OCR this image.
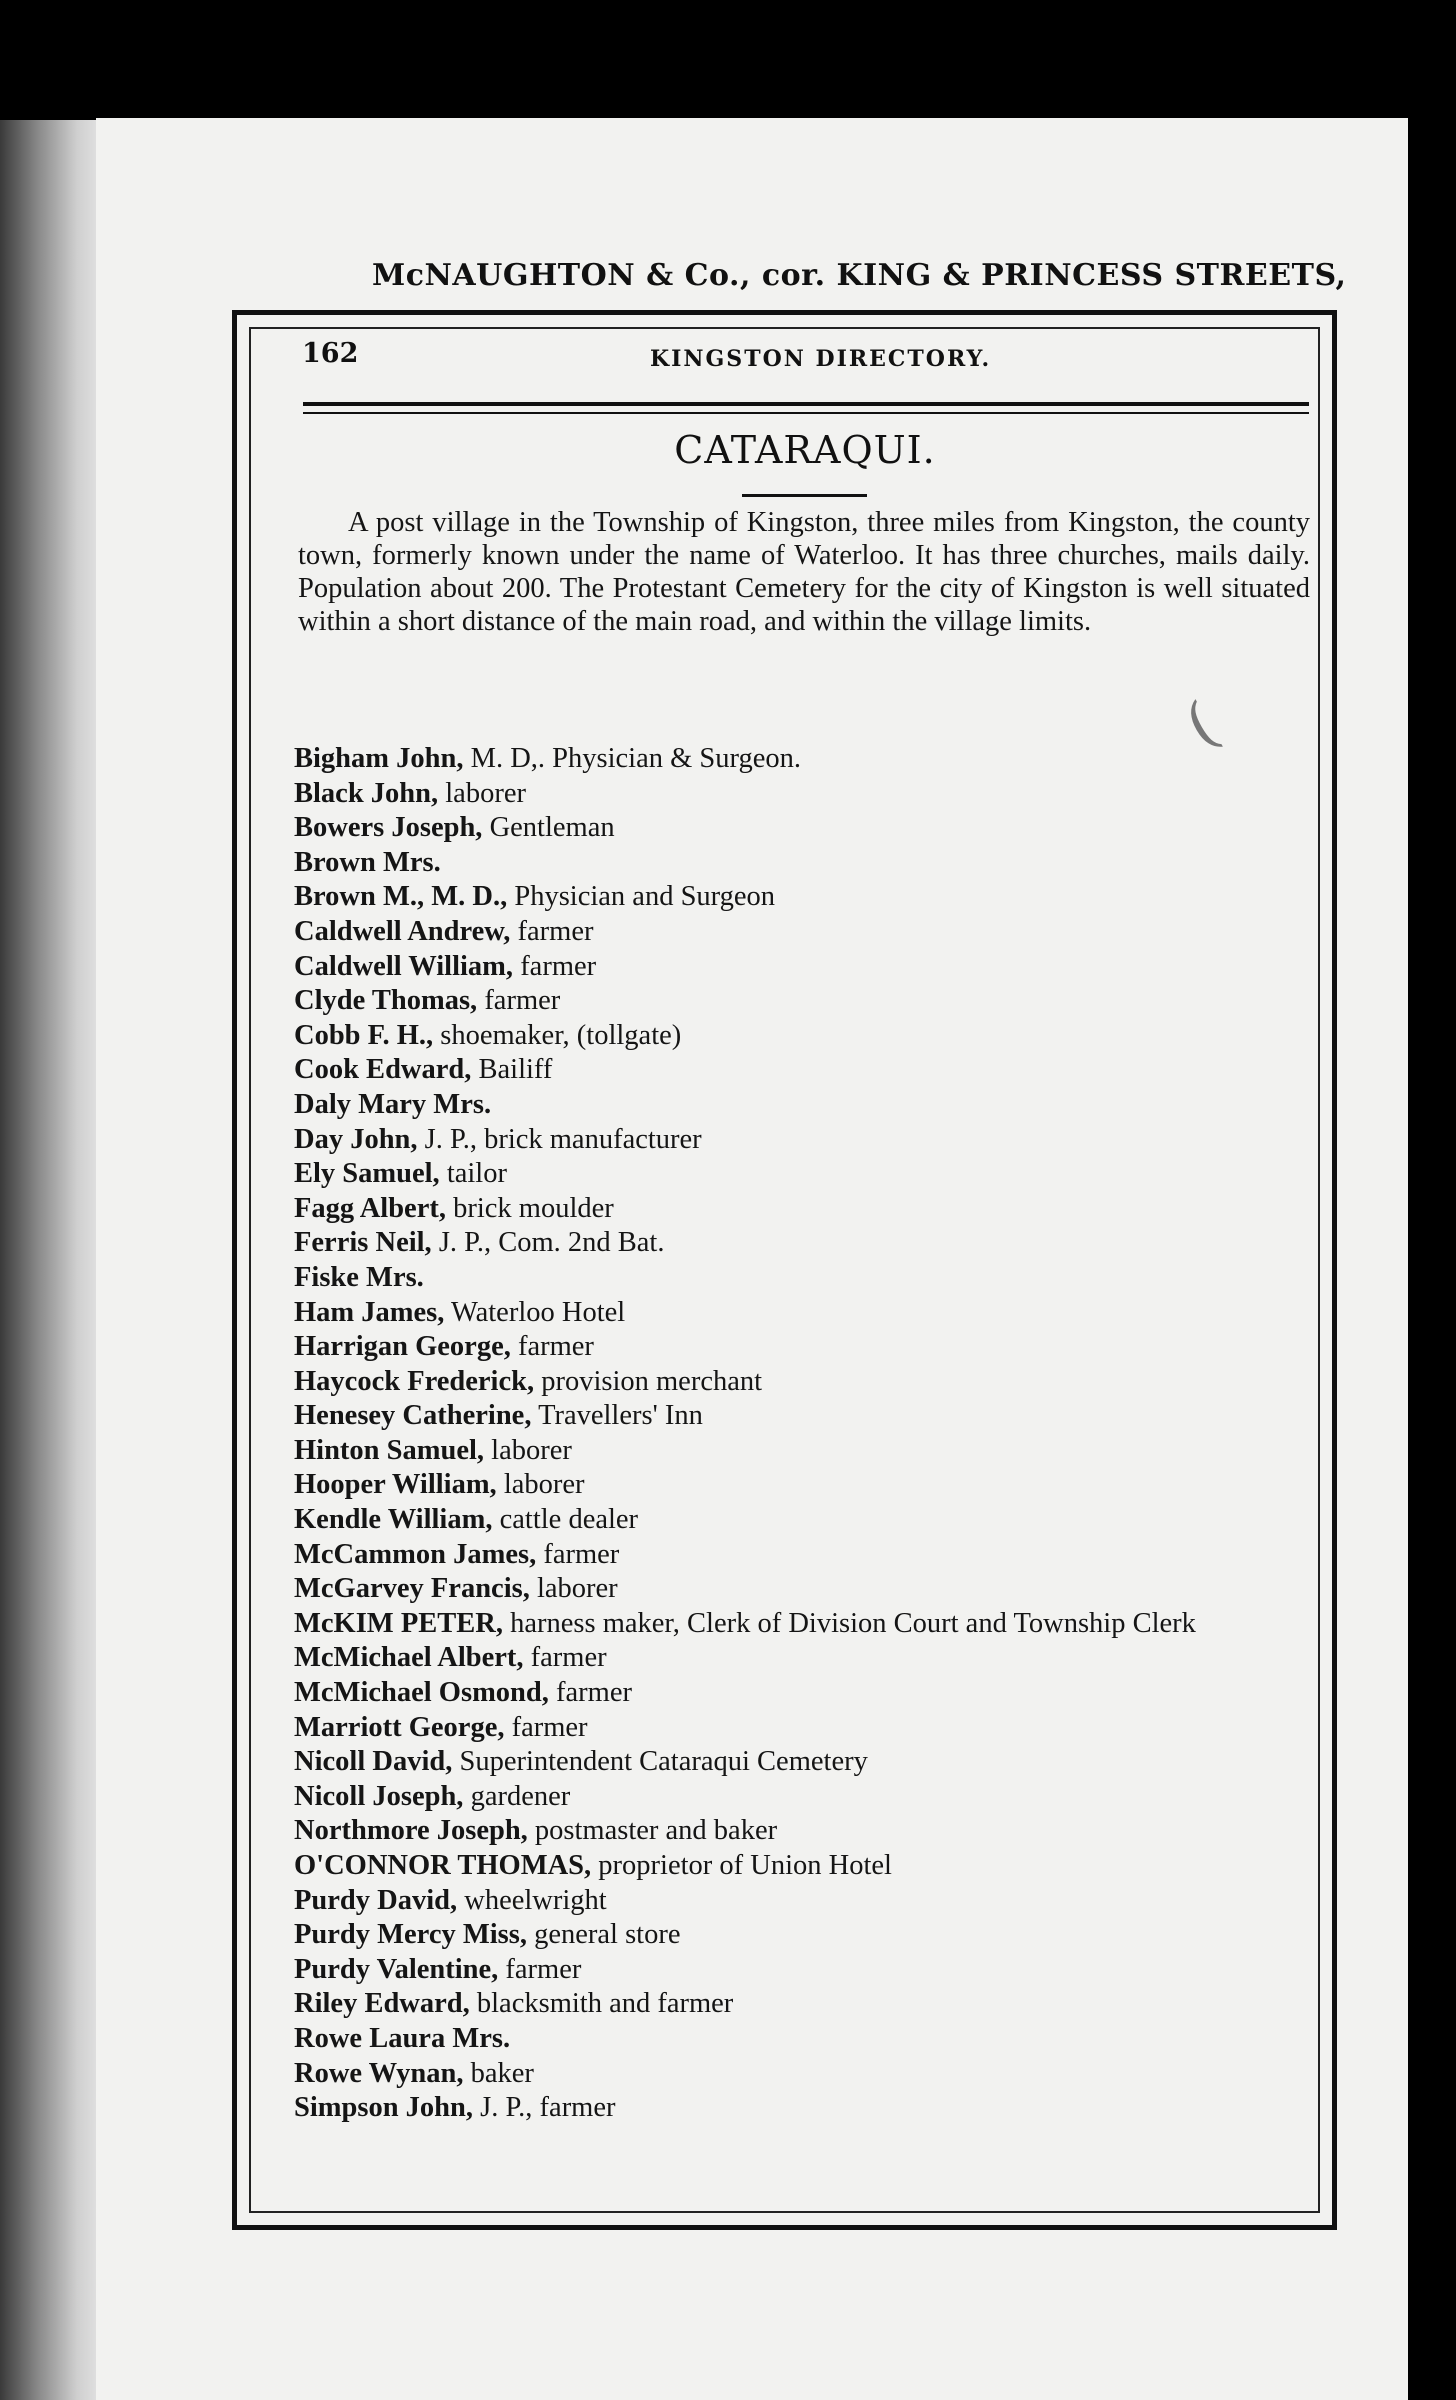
McNAUGHTON & Co., cor. KING & PRINCESS STREETS,
162	KINGSTON DIRECTORY.
CATARAQUI.
A post village in the Township of Kingston, three miles from Kingston, the county town, formerly known under the name of Waterloo. It has three churches, mails daily. Population about 200. The Protestant Cemetery for the city of Kingston is well situated within a short distance of the main road, and within the village limits.
Bigham John, M. D,. Physician & Surgeon.
Black John, laborer
Bowers Joseph, Gentleman
Brown Mrs.
Brown M., M. D., Physician and Surgeon
Caldwell Andrew, farmer
Caldwell William, farmer
Clyde Thomas, farmer
Cobb F. H., shoemaker, (tollgate)
Cook Edward, Bailiff
Daly Mary Mrs.
Day John, J. P., brick manufacturer
Ely Samuel, tailor
Fagg Albert, brick moulder
Ferris Neil, J. P., Com. 2nd Bat.
Fiske Mrs.
Ham James, Waterloo Hotel
Harrigan George, farmer
Haycock Frederick, provision merchant
Henesey Catherine, Travellers' Inn
Hinton Samuel, laborer
Hooper William, laborer
Kendle William, cattle dealer
McCammon James, farmer
McGarvey Francis, laborer
McKIM PETER, harness maker, Clerk of Division Court and Township Clerk
McMichael Albert, farmer
McMichael Osmond, farmer
Marriott George, farmer
Nicoll David, Superintendent Cataraqui Cemetery
Nicoll Joseph, gardener
Northmore Joseph, postmaster and baker
O'CONNOR THOMAS, proprietor of Union Hotel
Purdy David, wheelwright
Purdy Mercy Miss, general store
Purdy Valentine, farmer
Riley Edward, blacksmith and farmer
Rowe Laura Mrs.
Rowe Wynan, baker
Simpson John, J. P., farmer
(
